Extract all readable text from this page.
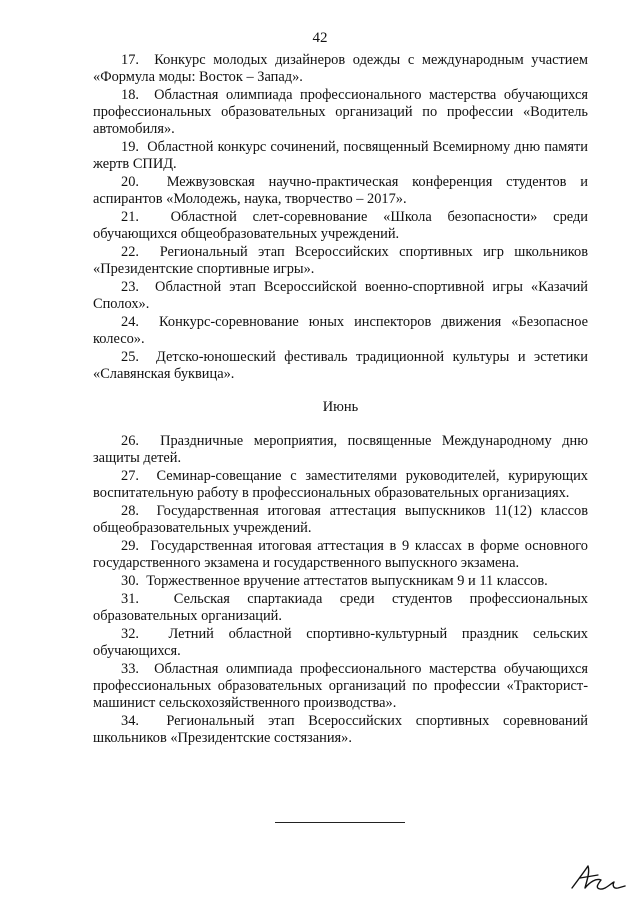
42

17. Конкурс молодых дизайнеров одежды с международным участием «Формула моды: Восток – Запад».

18. Областная олимпиада профессионального мастерства обучающихся профессиональных образовательных организаций по профессии «Водитель автомобиля».

19. Областной конкурс сочинений, посвященный Всемирному дню памяти жертв СПИД.

20. Межвузовская научно-практическая конференция студентов и аспирантов «Молодежь, наука, творчество – 2017».

21. Областной слет-соревнование «Школа безопасности» среди обучающихся общеобразовательных учреждений.

22. Региональный этап Всероссийских спортивных игр школьников «Президентские спортивные игры».

23. Областной этап Всероссийской военно-спортивной игры «Казачий Сполох».

24. Конкурс-соревнование юных инспекторов движения «Безопасное колесо».

25. Детско-юношеский фестиваль традиционной культуры и эстетики «Славянская буквица».

Июнь

26. Праздничные мероприятия, посвященные Международному дню защиты детей.

27. Семинар-совещание с заместителями руководителей, курирующих воспитательную работу в профессиональных образовательных организациях.

28. Государственная итоговая аттестация выпускников 11(12) классов общеобразовательных учреждений.

29. Государственная итоговая аттестация в 9 классах в форме основного государственного экзамена и государственного выпускного экзамена.

30. Торжественное вручение аттестатов выпускникам 9 и 11 классов.

31. Сельская спартакиада среди студентов профессиональных образовательных организаций.

32. Летний областной спортивно-культурный праздник сельских обучающихся.

33. Областная олимпиада профессионального мастерства обучающихся профессиональных образовательных организаций по профессии «Тракторист-машинист сельскохозяйственного производства».

34. Региональный этап Всероссийских спортивных соревнований школьников «Президентские состязания».
